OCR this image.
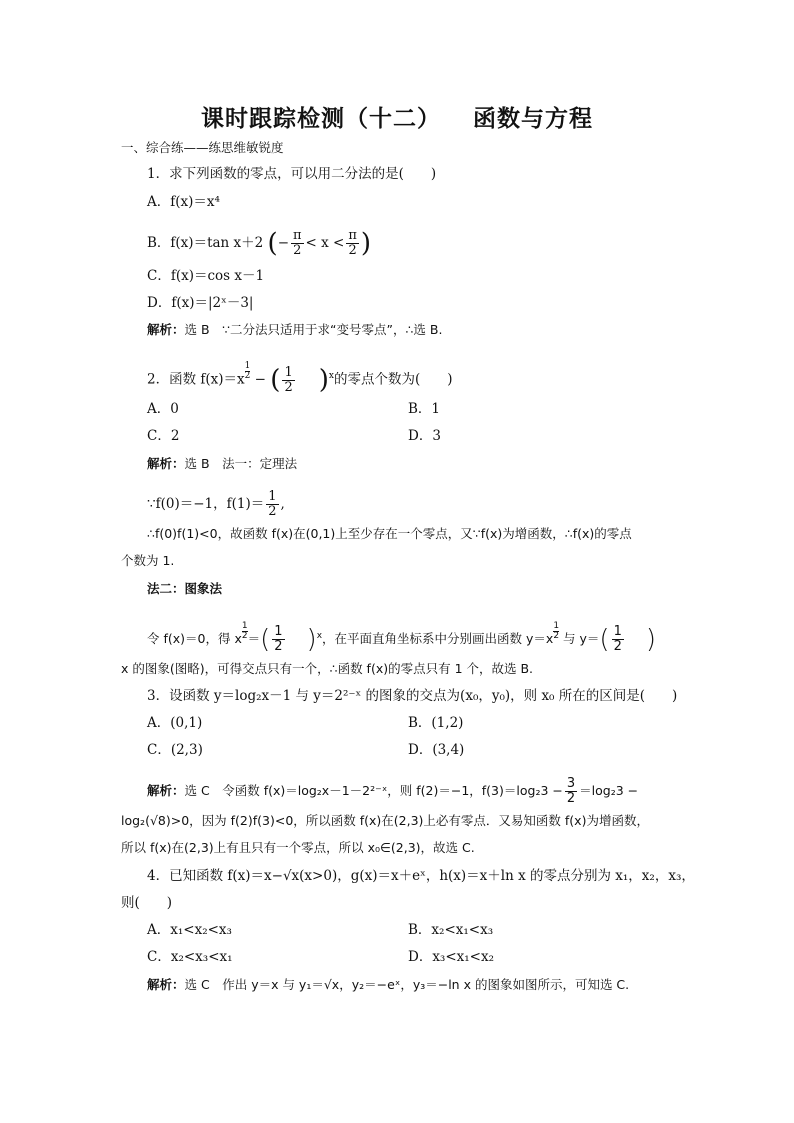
课时跟踪检测（十二） 函数与方程
一、综合练——练思维敏锐度
1．求下列函数的零点，可以用二分法的是(　　)
A．f(x)＝x⁴
B．f(x)＝tan x＋2 (− $\frac{\pi}{2} < x < \frac{\pi}{2}$ )
C．f(x)＝cos x－1
D．f(x)＝|2ˣ－3|
解析：选 B　∵二分法只适用于求“变号零点”，∴选 B.
2．函数 $f(x)=x \frac{1}{2}$ − ( $\frac{1}{2} )^x$的零点个数为(　　)
A．0	B．1
C．2	D．3
解析：选 B　法一：定理法
∵f(0)＝−1，$f(1)= \frac{1}{2}$ ,
∴f(0)f(1)<0，故函数 f(x)在(0,1)上至少存在一个零点，又∵f(x)为增函数，∴f(x)的零点
个数为 1.
法二：图象法
令 f(x)＝0，得 x $\frac{1}{2}=( \frac{1}{2} )^x$，在平面直角坐标系中分别画出函数 $y=x \frac{1}{2}$ 与 $y=( \frac{1}{2}$ )
x 的图象(图略)，可得交点只有一个，∴函数 f(x)的零点只有 1 个，故选 B.
3．设函数 y＝log₂x－1 与 y＝2²⁻ˣ 的图象的交点为(x₀，y₀)，则 x₀ 所在的区间是(　　)
A．(0,1)	B．(1,2)
C．(2,3)	D．(3,4)
解析：选 C　令函数 f(x)＝log₂x－1－2²⁻ˣ，则 f(2)＝−1，$f(3)=\log_23 - \frac{3}{2} =\log_23$ −
log₂(√8)>0，因为 f(2)f(3)<0，所以函数 f(x)在(2,3)上必有零点．又易知函数 f(x)为增函数，
所以 f(x)在(2,3)上有且只有一个零点，所以 x₀∈(2,3)，故选 C.
4．已知函数 f(x)＝x−√x(x>0)，g(x)＝x＋eˣ，h(x)＝x＋ln x 的零点分别为 x₁，x₂，x₃，
则(　　)
A．x₁<x₂<x₃	B．x₂<x₁<x₃
C．x₂<x₃<x₁	D．x₃<x₁<x₂
解析：选 C　作出 y＝x 与 y₁＝√x，y₂＝−eˣ，y₃＝−ln x 的图象如图所示，可知选 C.
